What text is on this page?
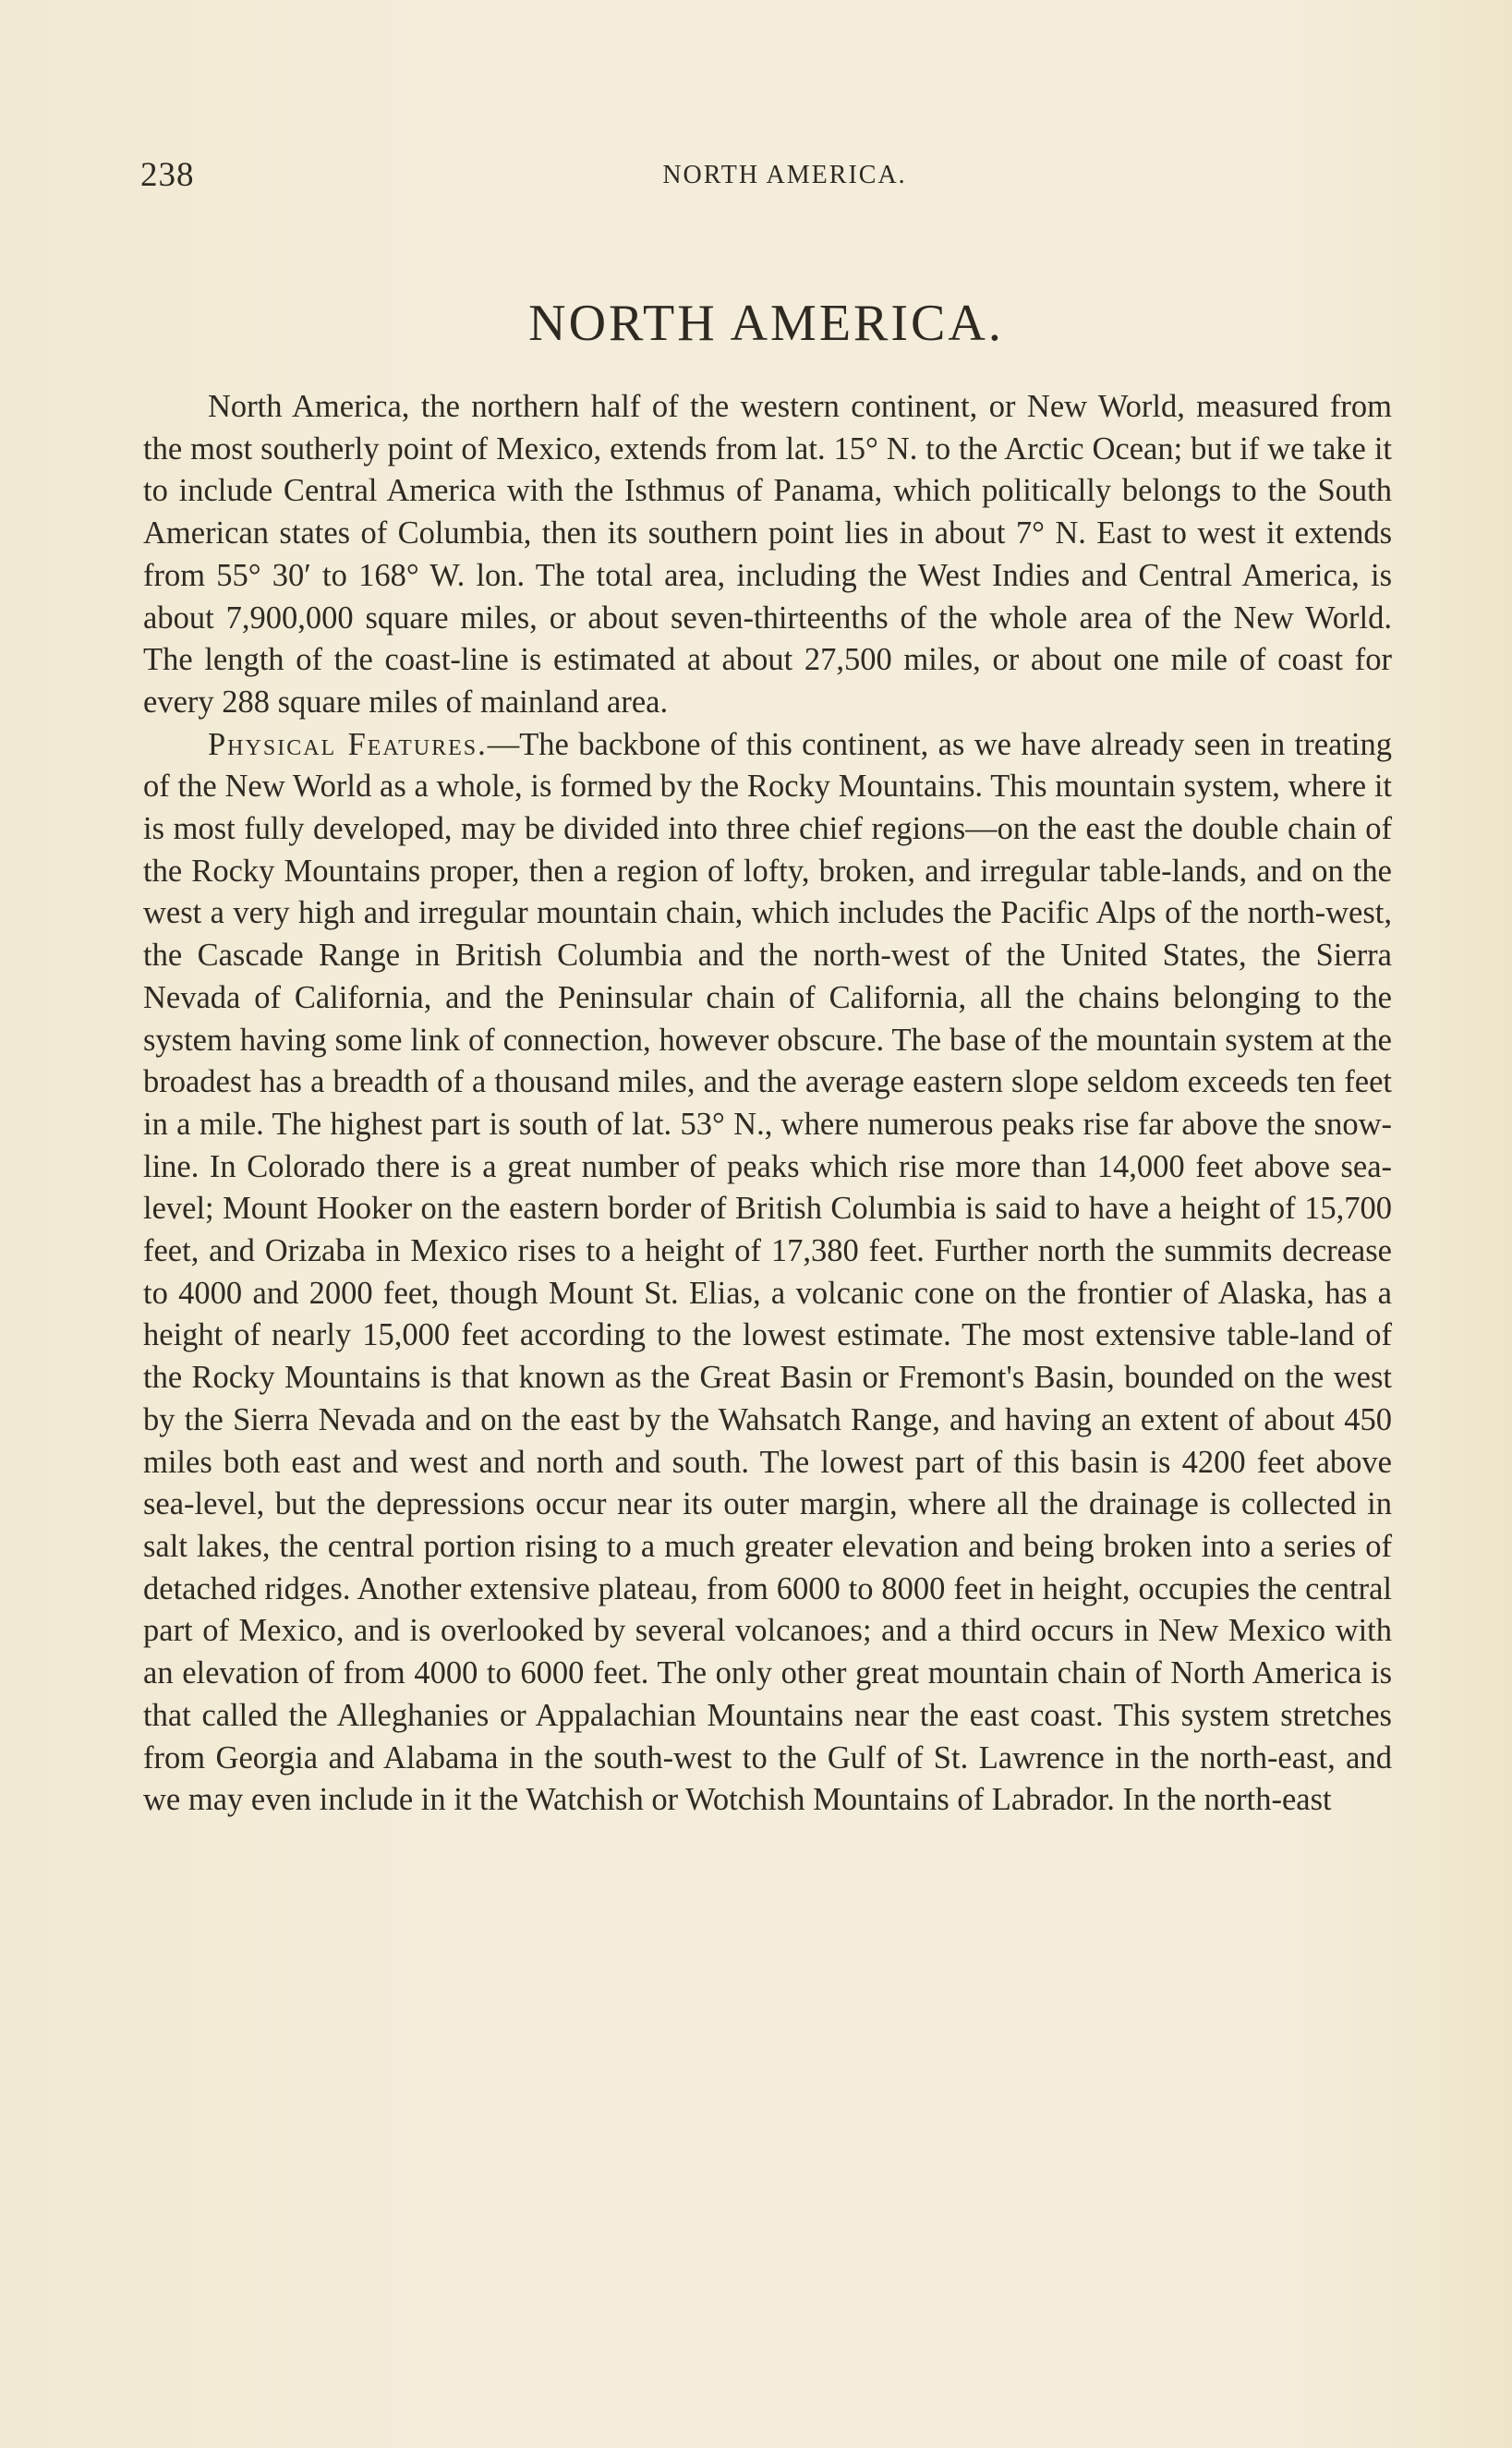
238	NORTH AMERICA.
NORTH AMERICA.

North America, the northern half of the western continent, or New World, measured from the most southerly point of Mexico, extends from lat. 15° N. to the Arctic Ocean; but if we take it to include Central America with the Isthmus of Panama, which politically belongs to the South American states of Columbia, then its southern point lies in about 7° N. East to west it extends from 55° 30′ to 168° W. lon. The total area, including the West Indies and Central America, is about 7,900,000 square miles, or about seven-thirteenths of the whole area of the New World. The length of the coast-line is estimated at about 27,500 miles, or about one mile of coast for every 288 square miles of mainland area.

Physical Features.—The backbone of this continent, as we have already seen in treating of the New World as a whole, is formed by the Rocky Mountains. This mountain system, where it is most fully developed, may be divided into three chief regions—on the east the double chain of the Rocky Mountains proper, then a region of lofty, broken, and irregular table-lands, and on the west a very high and irregular mountain chain, which includes the Pacific Alps of the north-west, the Cascade Range in British Columbia and the north-west of the United States, the Sierra Nevada of California, and the Peninsular chain of California, all the chains belonging to the system having some link of connection, however obscure. The base of the mountain system at the broadest has a breadth of a thousand miles, and the average eastern slope seldom exceeds ten feet in a mile. The highest part is south of lat. 53° N., where numerous peaks rise far above the snow-line. In Colorado there is a great number of peaks which rise more than 14,000 feet above sea-level; Mount Hooker on the eastern border of British Columbia is said to have a height of 15,700 feet, and Orizaba in Mexico rises to a height of 17,380 feet. Further north the summits decrease to 4000 and 2000 feet, though Mount St. Elias, a volcanic cone on the frontier of Alaska, has a height of nearly 15,000 feet according to the lowest estimate. The most extensive table-land of the Rocky Mountains is that known as the Great Basin or Fremont's Basin, bounded on the west by the Sierra Nevada and on the east by the Wahsatch Range, and having an extent of about 450 miles both east and west and north and south. The lowest part of this basin is 4200 feet above sea-level, but the depressions occur near its outer margin, where all the drainage is collected in salt lakes, the central portion rising to a much greater elevation and being broken into a series of detached ridges. Another extensive plateau, from 6000 to 8000 feet in height, occupies the central part of Mexico, and is overlooked by several volcanoes; and a third occurs in New Mexico with an elevation of from 4000 to 6000 feet. The only other great mountain chain of North America is that called the Alleghanies or Appalachian Mountains near the east coast. This system stretches from Georgia and Alabama in the south-west to the Gulf of St. Lawrence in the north-east, and we may even include in it the Watchish or Wotchish Mountains of Labrador. In the north-east
